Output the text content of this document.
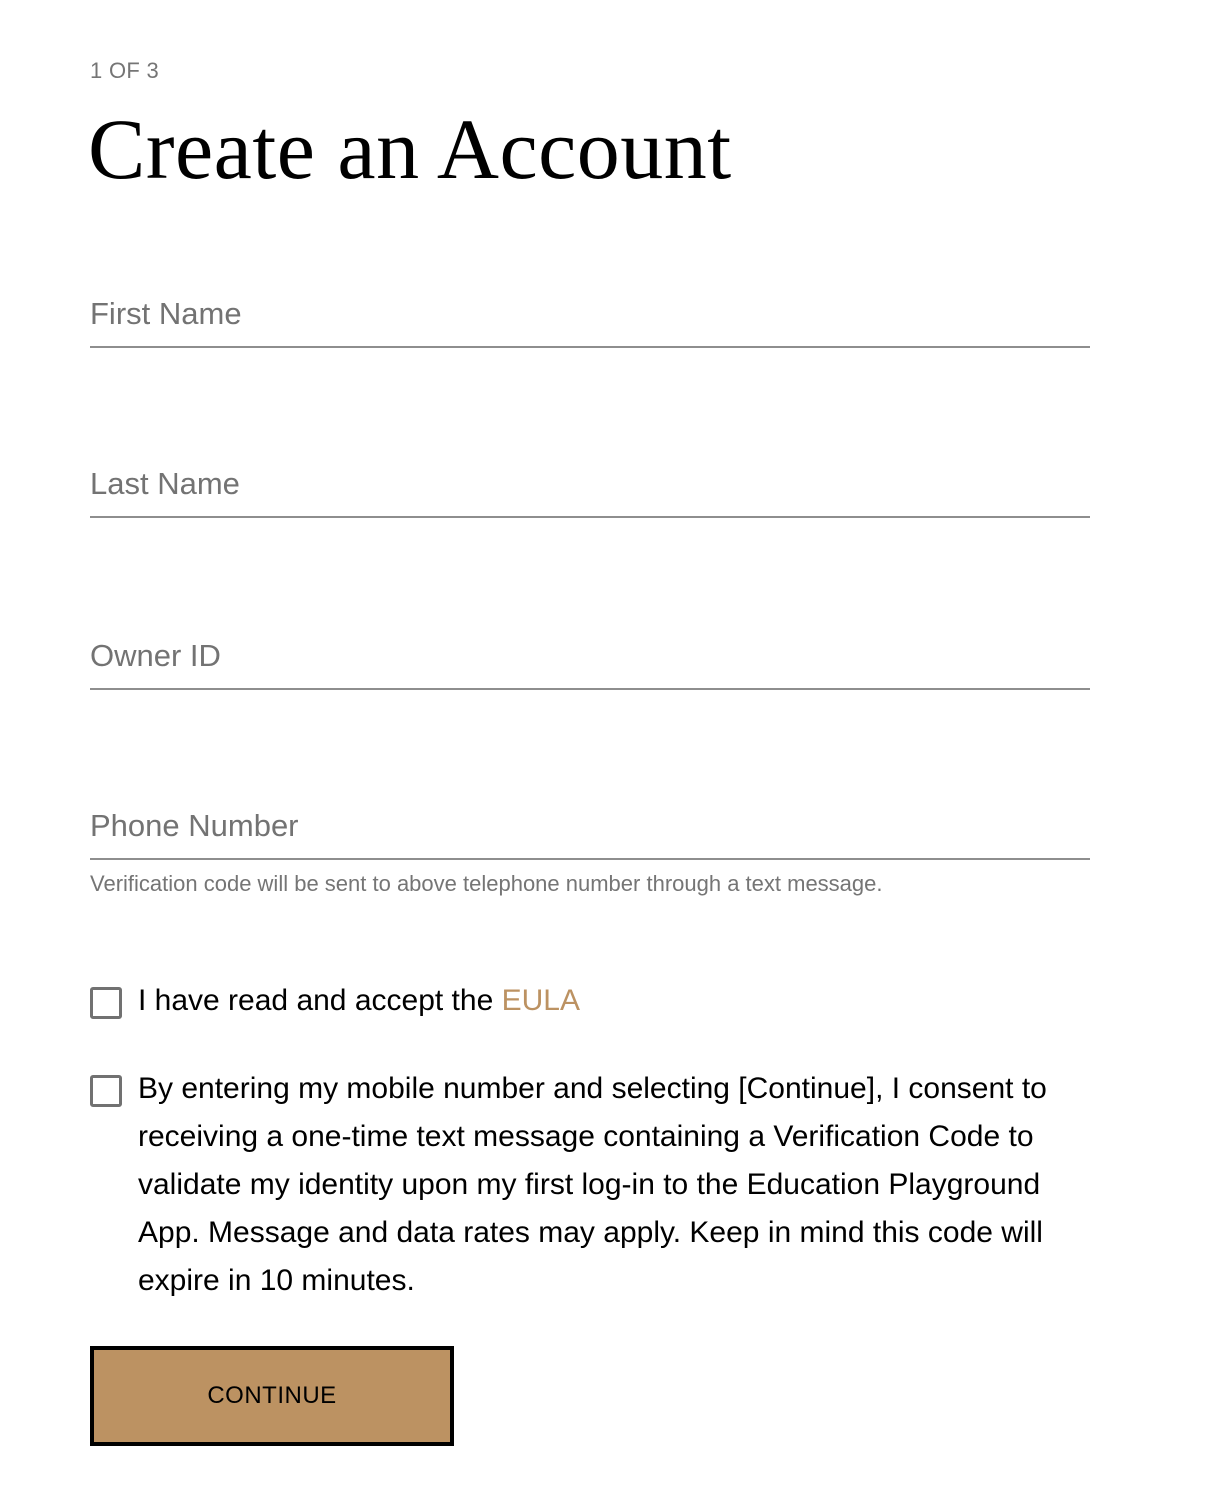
1 OF 3
Create an Account
First Name
Last Name
Owner ID
Phone Number
Verification code will be sent to above telephone number through a text message.
I have read and accept the EULA
By entering my mobile number and selecting [Continue], I consent to receiving a one-time text message containing a Verification Code to validate my identity upon my first log-in to the Education Playground App. Message and data rates may apply. Keep in mind this code will expire in 10 minutes.
CONTINUE
